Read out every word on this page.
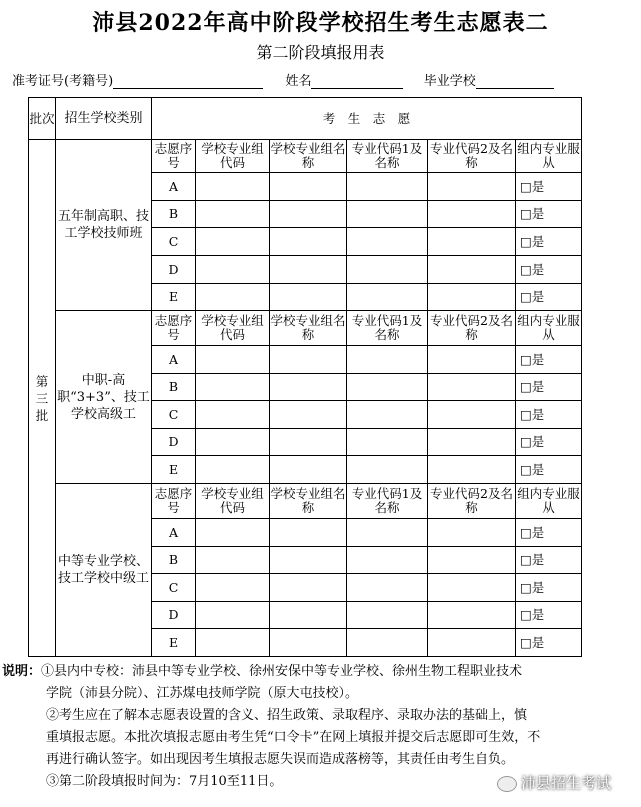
沛县2022年高中阶段学校招生考生志愿表二
第二阶段填报用表
准考证号(考籍号)	姓名	毕业学校
批次	招生学校类别	考　生　志　愿					
第三批	五年制高职、技工学校技师班	志愿序号	学校专业组代码	学校专业组名称	专业代码1及名称	专业代码2及名称	组内专业服从
		A					□是
		B					□是
		C					□是
		D					□是
		E					□是
	中职-高职“3+3”、技工学校高级工	志愿序号	学校专业组代码	学校专业组名称	专业代码1及名称	专业代码2及名称	组内专业服从
		A					□是
		B					□是
		C					□是
		D					□是
		E					□是
	中等专业学校、技工学校中级工	志愿序号	学校专业组代码	学校专业组名称	专业代码1及名称	专业代码2及名称	组内专业服从
		A					□是
		B					□是
		C					□是
		D					□是
		E					□是
说明：①县内中专校：沛县中等专业学校、徐州安保中等专业学校、徐州生物工程职业技术
学院（沛县分院）、江苏煤电技师学院（原大屯技校）。
②考生应在了解本志愿表设置的含义、招生政策、录取程序、录取办法的基础上，慎
重填报志愿。本批次填报志愿由考生凭“口令卡”在网上填报并提交后志愿即可生效，不
再进行确认签字。如出现因考生填报志愿失误而造成落榜等，其责任由考生自负。
③第二阶段填报时间为：7月10至11日。	沛县招生考试
